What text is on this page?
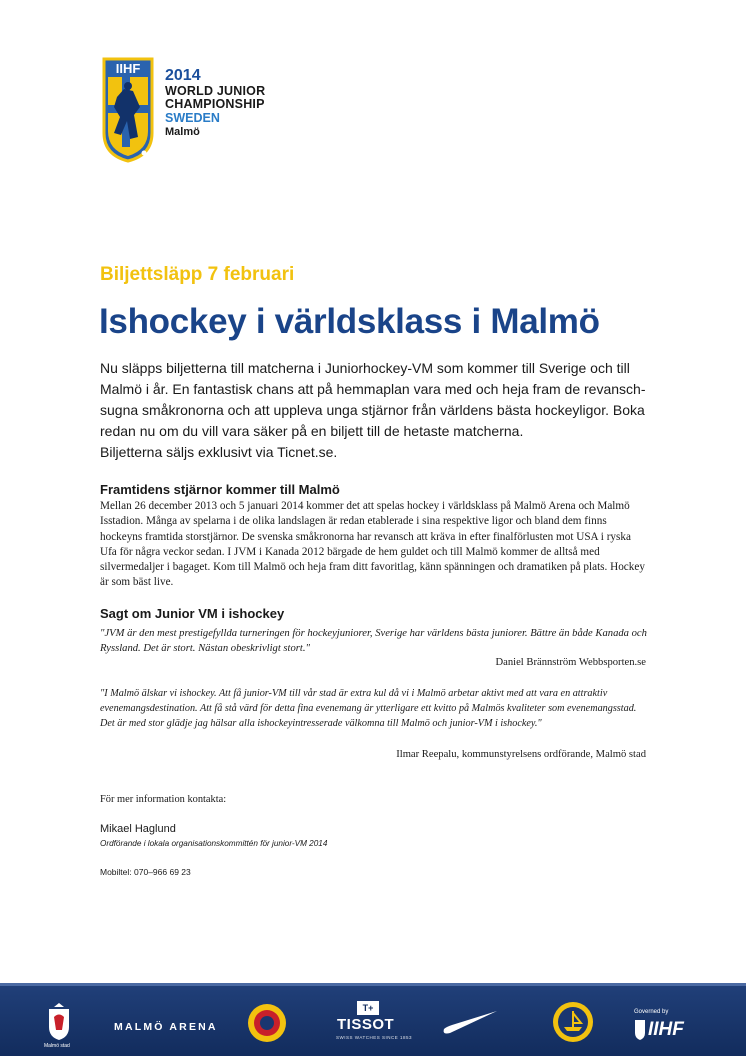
IIHF 2014
WORLD JUNIOR
CHAMPIONSHIP
SWEDEN
Malmö
Biljettsläpp 7 februari
Ishockey i världsklass i Malmö

Nu släpps biljetterna till matcherna i Juniorhockey-VM som kommer till Sverige och till Malmö i år. En fantastisk chans att på hemmaplan vara med och heja fram de revansch-sugna småkronorna och att uppleva unga stjärnor från världens bästa hockeyligor. Boka redan nu om du vill vara säker på en biljett till de hetaste matcherna.

Biljetterna säljs exklusivt via Ticnet.se.

Framtidens stjärnor kommer till Malmö
Mellan 26 december 2013 och 5 januari 2014 kommer det att spelas hockey i världsklass på Malmö Arena och Malmö Isstadion. Många av spelarna i de olika landslagen är redan etablerade i sina respektive ligor och bland dem finns hockeyns framtida storstjärnor. De svenska småkronorna har revansch att kräva in efter finalförlusten mot USA i ryska Ufa för några veckor sedan. I JVM i Kanada 2012 bärgade de hem guldet och till Malmö kommer de alltså med silvermedaljer i bagaget. Kom till Malmö och heja fram ditt favoritlag, känn spänningen och dramatiken på plats. Hockey är som bäst live.
Sagt om Junior VM i ishockey
"JVM är den mest prestigefyllda turneringen för hockeyjuniorer, Sverige har världens bästa juniorer. Bättre än både Kanada och Ryssland. Det är stort. Nästan obeskrivligt stort."
Daniel Brännström Webbsporten.se
"I Malmö älskar vi ishockey. Att få junior-VM till vår stad är extra kul då vi i Malmö arbetar aktivt med att vara en attraktiv evenemangsdestination. Att få stå värd för detta fina evenemang är ytterligare ett kvitto på Malmös kvaliteter som evenemangsstad. Det är med stor glädje jag hälsar alla ishockeyintresserade välkomna till Malmö och junior-VM i ishockey."
Ilmar Reepalu, kommunstyrelsens ordförande, Malmö stad
För mer information kontakta:
Mikael Haglund
Ordförande i lokala organisationskommittén för junior-VM 2014
Mobiltel: 070–966 69 23
Malmö stad
MALMÖ ARENA
T+
TISSOT
SWISS WATCHES SINCE 1853
Governed by
IIHF
